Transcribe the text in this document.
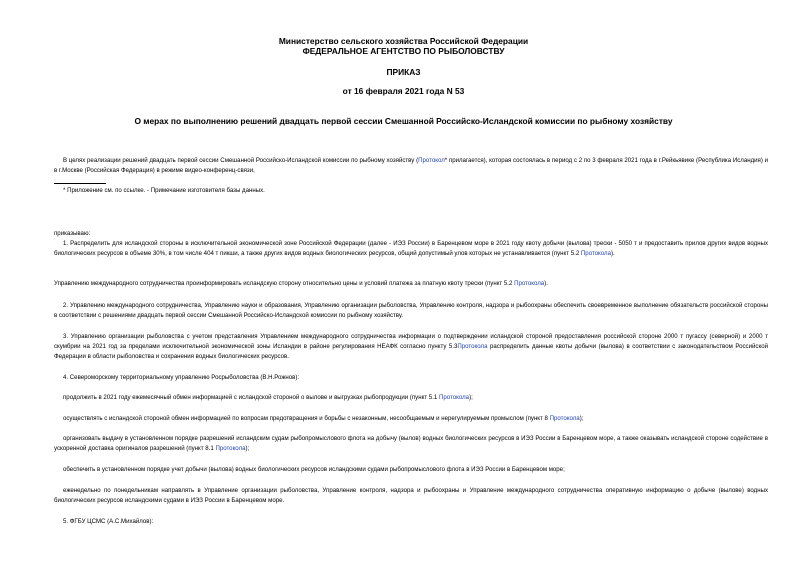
Министерство сельского хозяйства Российской Федерации
ФЕДЕРАЛЬНОЕ АГЕНТСТВО ПО РЫБОЛОВСТВУ
ПРИКАЗ
от 16 февраля 2021 года N 53
О мерах по выполнению решений двадцать первой сессии Смешанной Российско-Исландской комиссии по рыбному хозяйству
В целях реализации решений двадцать первой сессии Смешанной Российско-Исландской комиссии по рыбному хозяйству (Протокол* прилагается), которая состоялась в период с 2 по 3 февраля 2021 года в г.Рейкьявике (Республика Исландия) и в г.Москве (Российская Федерация) в режиме видео-конференц-связи,
* Приложение см. по ссылке. - Примечание изготовителя базы данных.
приказываю:
1. Распределить для исландской стороны в исключительной экономической зоне Российской Федерации (далее - ИЭЗ России) в Баренцевом море в 2021 году квоту добычи (вылова) трески - 5050 т и предоставить прилов других видов водных биологических ресурсов в объеме 30%, в том числе 404 т пикши, а также других видов водных биологических ресурсов, общий допустимый улов которых не устанавливается (пункт 5.2 Протокола).
Управлению международного сотрудничества проинформировать исландскую сторону относительно цены и условий платежа за платную квоту трески (пункт 5.2 Протокола).
2. Управлению международного сотрудничества, Управлению науки и образования, Управлению организации рыболовства, Управлению контроля, надзора и рыбоохраны обеспечить своевременное выполнение обязательств российской стороны в соответствии с решениями двадцать первой сессии Смешанной Российско-Исландской комиссии по рыбному хозяйству.
3. Управлению организации рыболовства с учетом представления Управлением международного сотрудничества информации о подтверждении исландской стороной предоставления российской стороне 2000 т пугассу (северной) и 2000 т скумбрии на 2021 год за пределами исключительной экономической зоны Исландии в районе регулирования НЕАФК согласно пункту 5.3Протокола распределить данные квоты добычи (вылова) в соответствии с законодательством Российской Федерации в области рыболовства и сохранения водных биологических ресурсов.
4. Североморскому территориальному управлению Росрыболовства (В.Н.Рожнов):
продолжить в 2021 году ежемесячный обмен информацией с исландской стороной о вылове и выгрузках рыбопродукции (пункт 5.1 Протокола);
осуществлять с исландской стороной обмен информацией по вопросам предотвращения и борьбы с незаконным, несообщаемым и нерегулируемым промыслом (пункт 8 Протокола);
организовать выдачу в установленном порядке разрешений исландским судам рыбопромыслового флота на добычу (вылов) водных биологических ресурсов в ИЭЗ России в Баренцевом море, а также оказывать исландской стороне содействие в ускоренной доставка оригиналов разрешений (пункт 8.1 Протокола);
обеспечить в установленном порядке учет добычи (вылова) водных биологических ресурсов исландскими судами рыбопромыслового флота в ИЭЗ России в Баренцевом море;
еженедельно по понедельникам направлять в Управление организации рыболовства, Управление контроля, надзора и рыбоохраны и Управление международного сотрудничества оперативную информацию о добыче (вылове) водных биологических ресурсов исландскими судами в ИЭЗ России в Баренцевом море.
5. ФГБУ ЦСМС (А.С.Михайлов):
